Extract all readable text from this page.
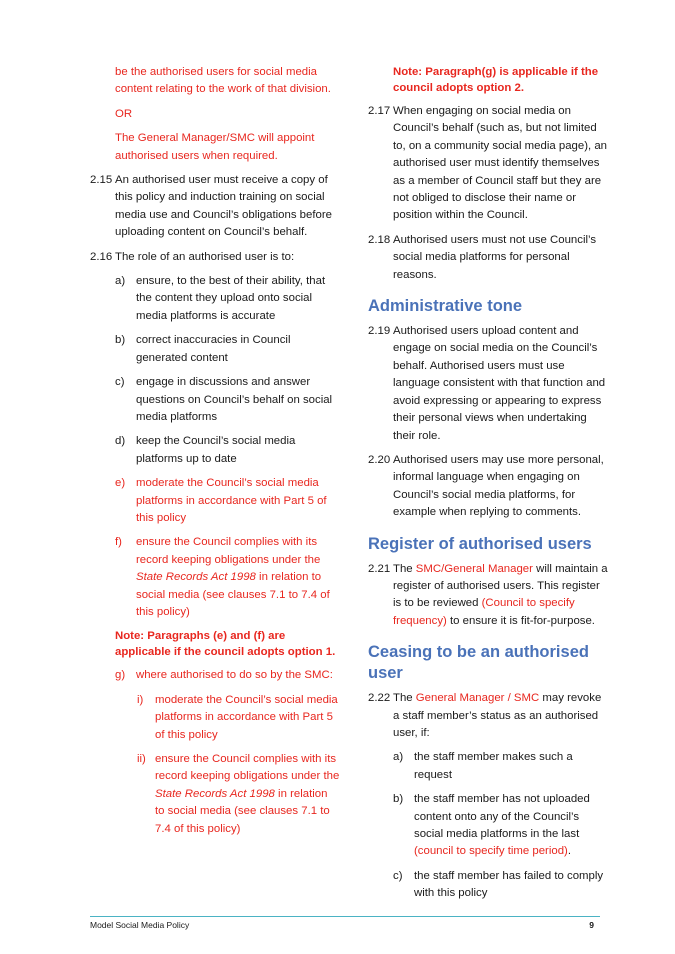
be the authorised users for social media content relating to the work of that division.

OR

The General Manager/SMC will appoint authorised users when required.

2.15 An authorised user must receive a copy of this policy and induction training on social media use and Council’s obligations before uploading content on Council’s behalf.
2.16 The role of an authorised user is to:
a) ensure, to the best of their ability, that the content they upload onto social media platforms is accurate
b) correct inaccuracies in Council generated content
c) engage in discussions and answer questions on Council’s behalf on social media platforms
d) keep the Council’s social media platforms up to date
e) moderate the Council’s social media platforms in accordance with Part 5 of this policy
f) ensure the Council complies with its record keeping obligations under the State Records Act 1998 in relation to social media (see clauses 7.1 to 7.4 of this policy)

Note: Paragraphs (e) and (f) are applicable if the council adopts option 1.

g) where authorised to do so by the SMC:
i) moderate the Council’s social media platforms in accordance with Part 5 of this policy
ii) ensure the Council complies with its record keeping obligations under the State Records Act 1998 in relation to social media (see clauses 7.1 to 7.4 of this policy)

Note: Paragraph(g) is applicable if the council adopts option 2.

2.17 When engaging on social media on Council’s behalf (such as, but not limited to, on a community social media page), an authorised user must identify themselves as a member of Council staff but they are not obliged to disclose their name or position within the Council.
2.18 Authorised users must not use Council’s social media platforms for personal reasons.
Administrative tone
2.19 Authorised users upload content and engage on social media on the Council’s behalf. Authorised users must use language consistent with that function and avoid expressing or appearing to express their personal views when undertaking their role.
2.20 Authorised users may use more personal, informal language when engaging on Council’s social media platforms, for example when replying to comments.
Register of authorised users
2.21 The SMC/General Manager will maintain a register of authorised users. This register is to be reviewed (Council to specify frequency) to ensure it is fit-for-purpose.
Ceasing to be an authorised user
2.22 The General Manager / SMC may revoke a staff member’s status as an authorised user, if:
a) the staff member makes such a request
b) the staff member has not uploaded content onto any of the Council’s social media platforms in the last (council to specify time period).
c) the staff member has failed to comply with this policy
Model Social Media Policy	9
